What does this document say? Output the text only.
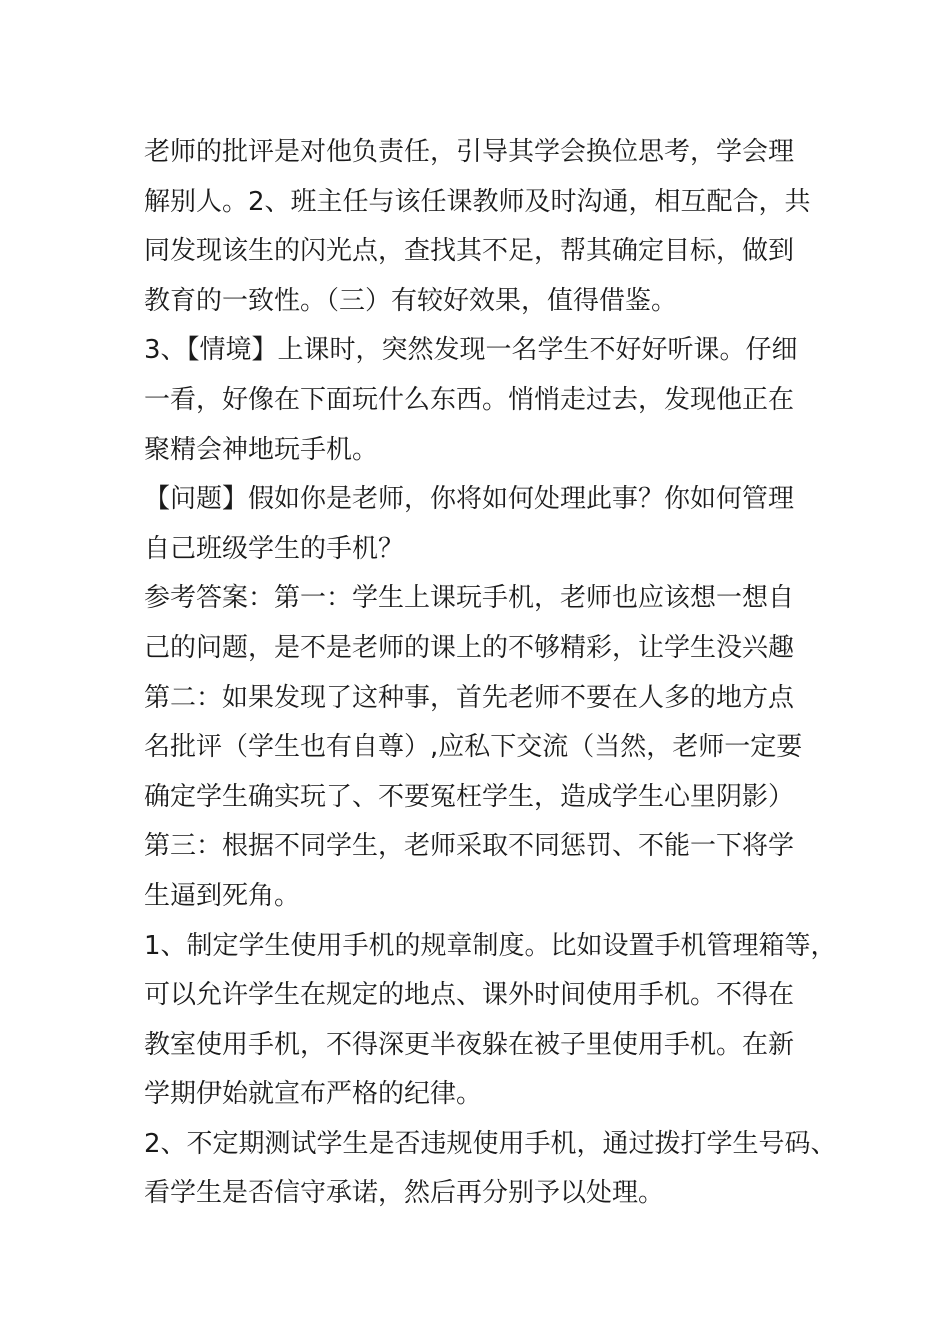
老师的批评是对他负责任，引导其学会换位思考，学会理
解别人。2、班主任与该任课教师及时沟通，相互配合，共
同发现该生的闪光点，查找其不足，帮其确定目标，做到
教育的一致性。（三）有较好效果，值得借鉴。

3、【情境】上课时，突然发现一名学生不好好听课。仔细
一看，好像在下面玩什么东西。悄悄走过去，发现他正在
聚精会神地玩手机。

【问题】假如你是老师，你将如何处理此事？你如何管理
自己班级学生的手机？

参考答案：第一：学生上课玩手机，老师也应该想一想自
己的问题，是不是老师的课上的不够精彩，让学生没兴趣
第二：如果发现了这种事，首先老师不要在人多的地方点
名批评（学生也有自尊）,应私下交流（当然，老师一定要
确定学生确实玩了、不要冤枉学生，造成学生心里阴影）
第三：根据不同学生，老师采取不同惩罚、不能一下将学
生逼到死角。

1、制定学生使用手机的规章制度。比如设置手机管理箱等，
可以允许学生在规定的地点、课外时间使用手机。不得在
教室使用手机，不得深更半夜躲在被子里使用手机。在新
学期伊始就宣布严格的纪律。

2、不定期测试学生是否违规使用手机，通过拨打学生号码、
看学生是否信守承诺，然后再分别予以处理。
